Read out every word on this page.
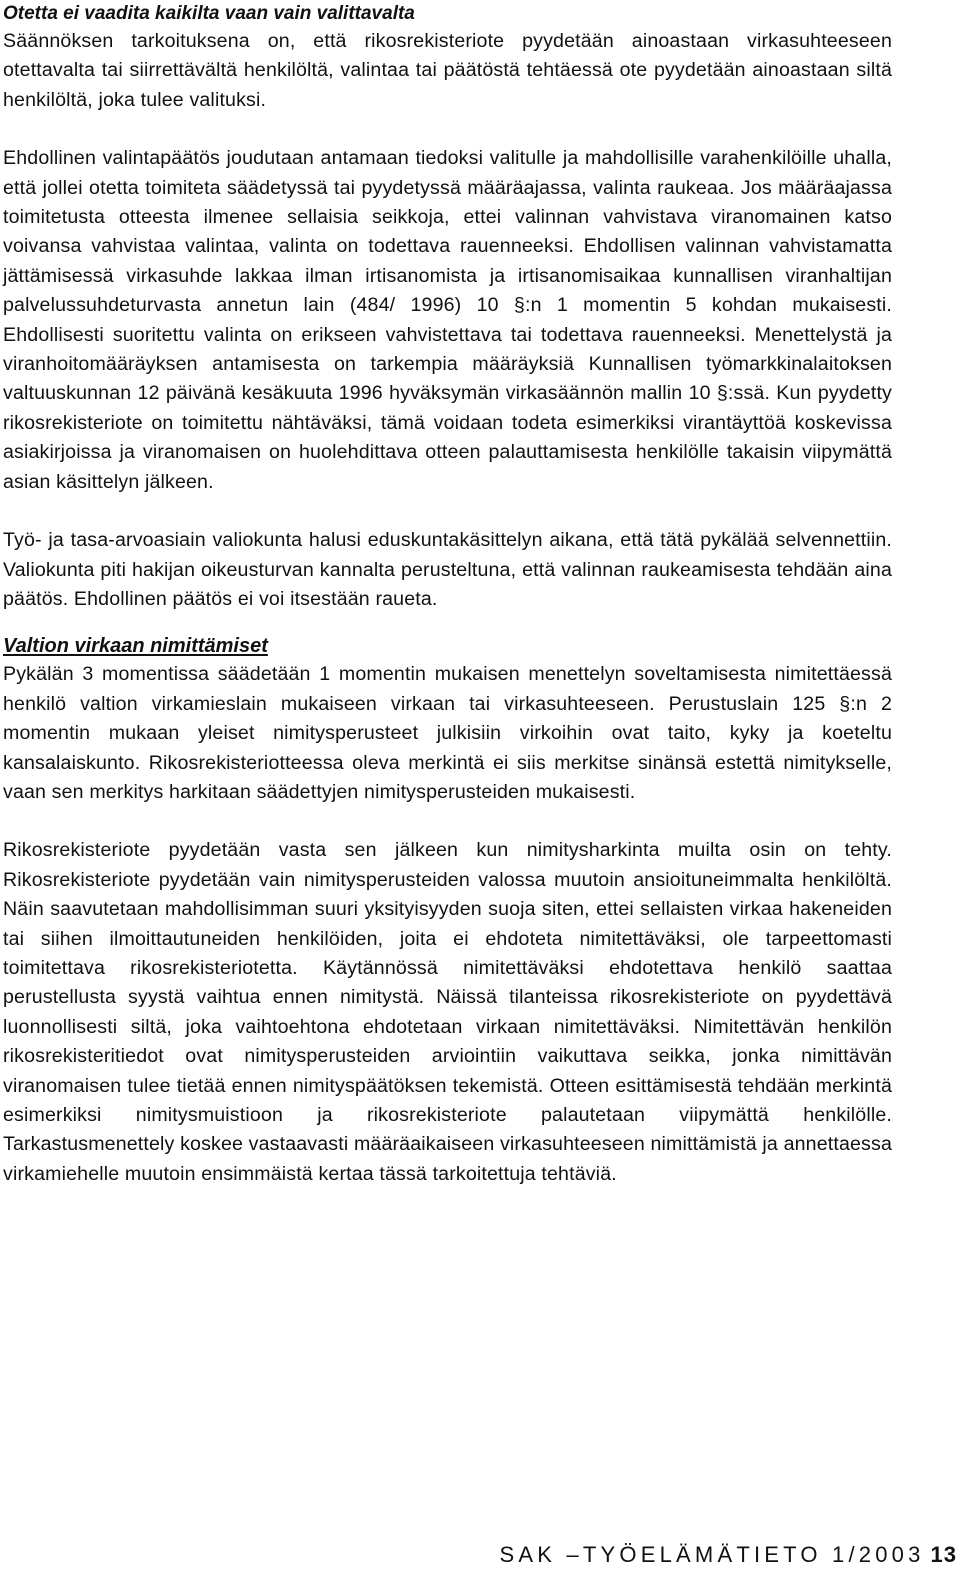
Otetta ei vaadita kaikilta vaan vain valittavalta

Säännöksen tarkoituksena on, että rikosrekisteriote pyydetään ainoastaan virkasuhteeseen otettavalta tai siirrettävältä henkilöltä, valintaa tai päätöstä tehtäessä ote pyydetään ainoastaan siltä henkilöltä, joka tulee valituksi.

Ehdollinen valintapäätös joudutaan antamaan tiedoksi valitulle ja mahdollisille varahenkilöille uhalla, että jollei otetta toimiteta säädetyssä tai pyydetyssä määräajassa, valinta raukeaa. Jos määräajassa toimitetusta otteesta ilmenee sellaisia seikkoja, ettei valinnan vahvistava viranomainen katso voivansa vahvistaa valintaa, valinta on todettava rauenneeksi. Ehdollisen valinnan vahvistamatta jättämisessä virkasuhde lakkaa ilman irtisanomista ja irtisanomisaikaa kunnallisen viranhaltijan palvelussuhdeturvasta annetun lain (484/ 1996) 10 §:n 1 momentin 5 kohdan mukaisesti. Ehdollisesti suoritettu valinta on erikseen vahvistettava tai todettava rauenneeksi. Menettelystä ja viranhoitomääräyksen antamisesta on tarkempia määräyksiä Kunnallisen työmarkkinalaitoksen valtuuskunnan 12 päivänä kesäkuuta 1996 hyväksymän virkasäännön mallin 10 §:ssä. Kun pyydetty rikosrekisteriote on toimitettu nähtäväksi, tämä voidaan todeta esimerkiksi virantäyttöä koskevissa asiakirjoissa ja viranomaisen on huolehdittava otteen palauttamisesta henkilölle takaisin viipymättä asian käsittelyn jälkeen.

Työ- ja tasa-arvoasiain valiokunta halusi eduskuntakäsittelyn aikana, että tätä pykälää selvennettiin. Valiokunta piti hakijan oikeusturvan kannalta perusteltuna, että valinnan raukeamisesta tehdään aina päätös. Ehdollinen päätös ei voi itsestään raueta.

Valtion virkaan nimittämiset

Pykälän 3 momentissa säädetään 1 momentin mukaisen menettelyn soveltamisesta nimitettäessä henkilö valtion virkamieslain mukaiseen virkaan tai virkasuhteeseen. Perustuslain 125 §:n 2 momentin mukaan yleiset nimitysperusteet julkisiin virkoihin ovat taito, kyky ja koeteltu kansalaiskunto. Rikosrekisteriotteessa oleva merkintä ei siis merkitse sinänsä estettä nimitykselle, vaan sen merkitys harkitaan säädettyjen nimitysperusteiden mukaisesti.

Rikosrekisteriote pyydetään vasta sen jälkeen kun nimitysharkinta muilta osin on tehty. Rikosrekisteriote pyydetään vain nimitysperusteiden valossa muutoin ansioituneimmalta henkilöltä. Näin saavutetaan mahdollisimman suuri yksityisyyden suoja siten, ettei sellaisten virkaa hakeneiden tai siihen ilmoittautuneiden henkilöiden, joita ei ehdoteta nimitettäväksi, ole tarpeettomasti toimitettava rikosrekisteriotetta. Käytännössä nimitettäväksi ehdotettava henkilö saattaa perustellusta syystä vaihtua ennen nimitystä. Näissä tilanteissa rikosrekisteriote on pyydettävä luonnollisesti siltä, joka vaihtoehtona ehdotetaan virkaan nimitettäväksi. Nimitettävän henkilön rikosrekisteritiedot ovat nimitysperusteiden arviointiin vaikuttava seikka, jonka nimittävän viranomaisen tulee tietää ennen nimityspäätöksen tekemistä. Otteen esittämisestä tehdään merkintä esimerkiksi nimitysmuistioon ja rikosrekisteriote palautetaan viipymättä henkilölle. Tarkastusmenettely koskee vastaavasti määräaikaiseen virkasuhteeseen nimittämistä ja annettaessa virkamiehelle muutoin ensimmäistä kertaa tässä tarkoitettuja tehtäviä.

SAK –TYÖELÄMÄTIETO 1/2003 13
